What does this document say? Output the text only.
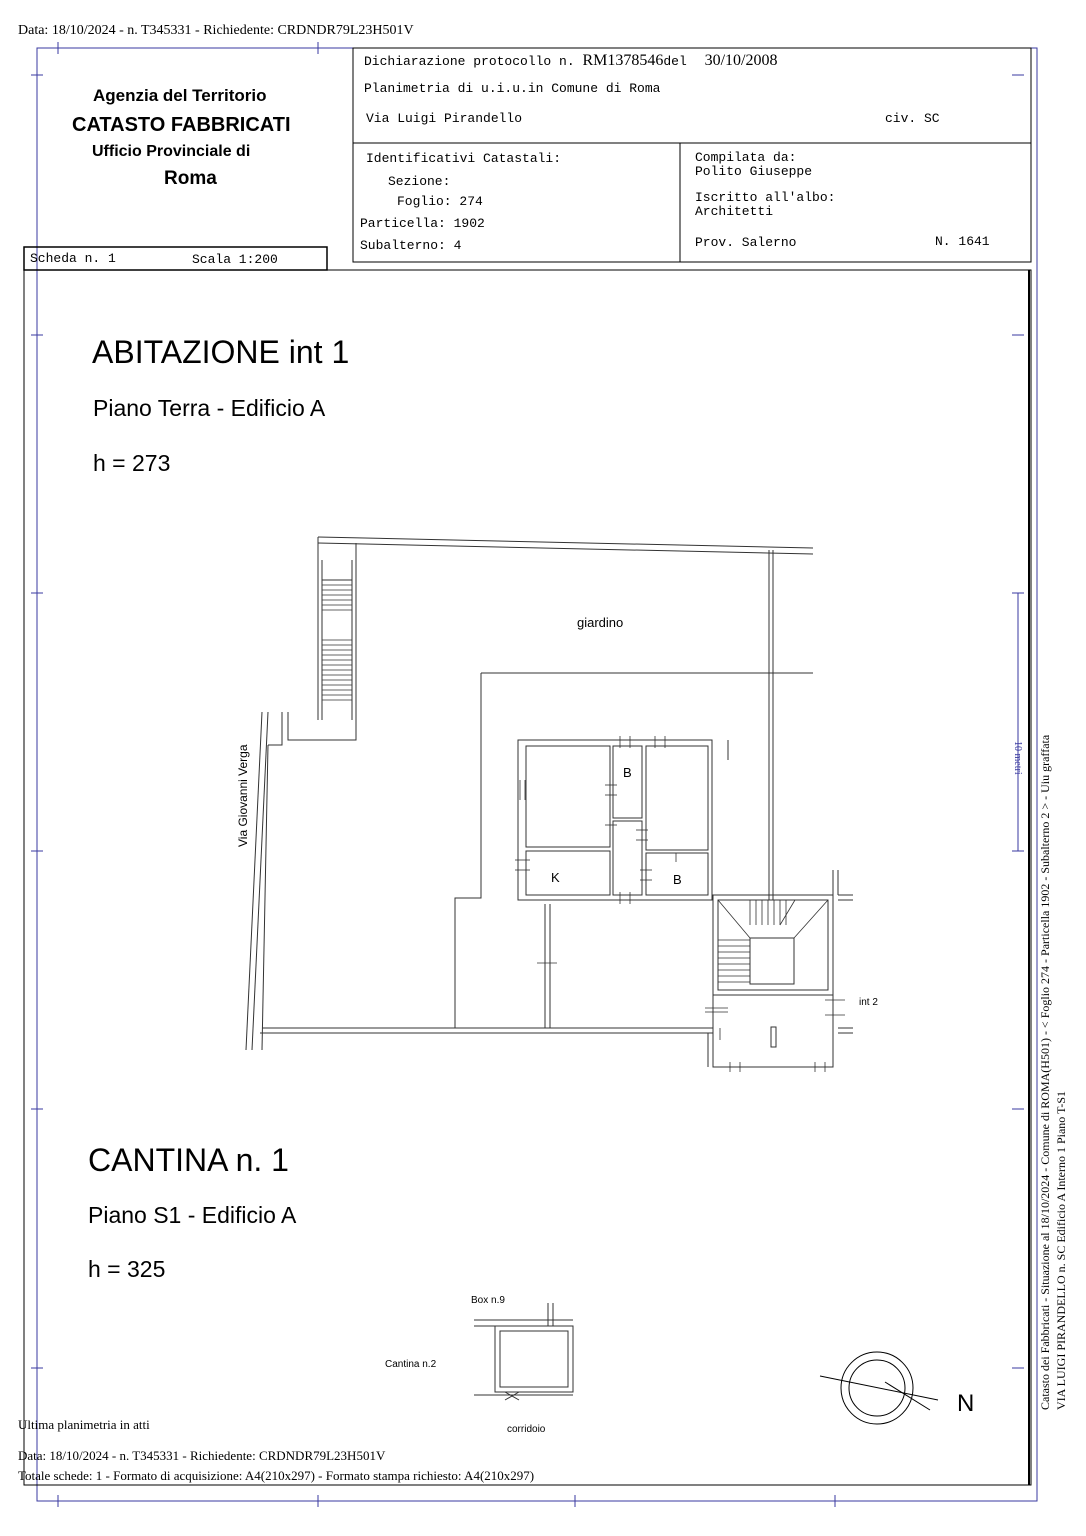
Data: 18/10/2024 - n. T345331 - Richiedente: CRDNDR79L23H501V
Agenzia del Territorio
CATASTO FABBRICATI
Ufficio Provinciale di
Roma
Scheda n. 1	Scala 1:200
Dichiarazione protocollo n. RM1378546del 30/10/2008
Planimetria di u.i.u.in Comune di Roma
Via Luigi Pirandello	civ. SC
Identificativi Catastali:
Sezione:
Foglio: 274
Particella: 1902
Subalterno: 4
Compilata da:
Polito Giuseppe
Iscritto all'albo:
Architetti
Prov. Salerno	N. 1641
ABITAZIONE int 1
Piano Terra - Edificio A
h = 273
giardino
Via Giovanni Verga	B
B
K
int 2
CANTINA n. 1
Piano S1 - Edificio A
h = 325
Box n.9
Cantina n.2
corridoio
N	Catasto dei Fabbricati - Situazione al 18/10/2024 - Comune di ROMA(H501) - < Foglio 274 - Particella 1902 - Subalterno 2 > - Uiu graffata VIA LUIGI PIRANDELLO n. SC Edificio A Interno 1 Piano T-S1
10 metri
Ultima planimetria in atti
Data: 18/10/2024 - n. T345331 - Richiedente: CRDNDR79L23H501V
Totale schede: 1 - Formato di acquisizione: A4(210x297) - Formato stampa richiesto: A4(210x297)
